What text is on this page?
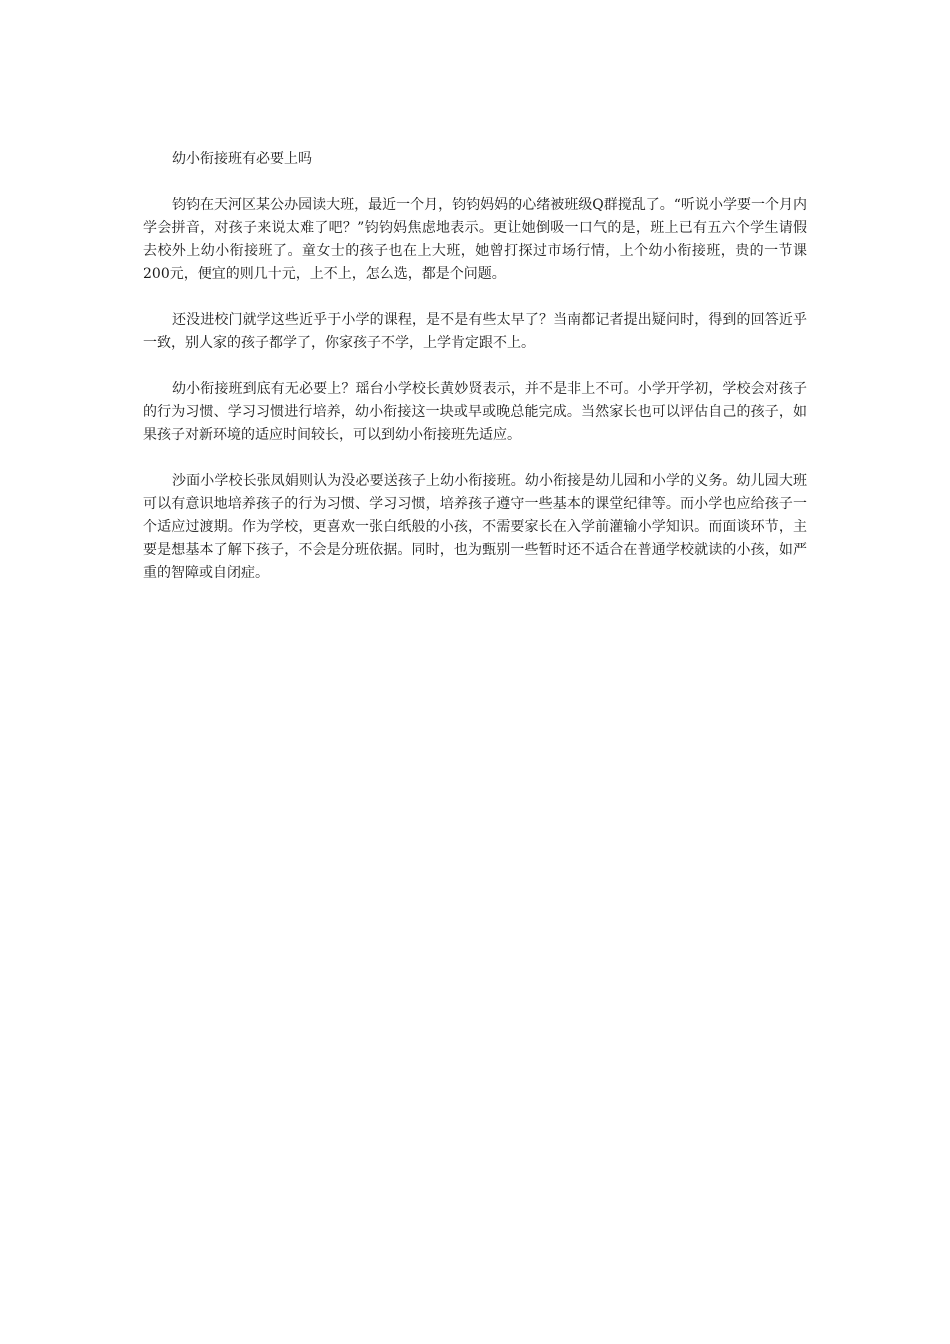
幼小衔接班有必要上吗

钧钧在天河区某公办园读大班，最近一个月，钧钧妈妈的心绪被班级Q群搅乱了。“听说小学要一个月内学会拼音，对孩子来说太难了吧？”钧钧妈焦虑地表示。更让她倒吸一口气的是，班上已有五六个学生请假去校外上幼小衔接班了。童女士的孩子也在上大班，她曾打探过市场行情，上个幼小衔接班，贵的一节课200元，便宜的则几十元，上不上，怎么选，都是个问题。

还没进校门就学这些近乎于小学的课程，是不是有些太早了？当南都记者提出疑问时，得到的回答近乎一致，别人家的孩子都学了，你家孩子不学，上学肯定跟不上。

幼小衔接班到底有无必要上？瑶台小学校长黄妙贤表示，并不是非上不可。小学开学初，学校会对孩子的行为习惯、学习习惯进行培养，幼小衔接这一块或早或晚总能完成。当然家长也可以评估自己的孩子，如果孩子对新环境的适应时间较长，可以到幼小衔接班先适应。

沙面小学校长张凤娟则认为没必要送孩子上幼小衔接班。幼小衔接是幼儿园和小学的义务。幼儿园大班可以有意识地培养孩子的行为习惯、学习习惯，培养孩子遵守一些基本的课堂纪律等。而小学也应给孩子一个适应过渡期。作为学校，更喜欢一张白纸般的小孩，不需要家长在入学前灌输小学知识。而面谈环节，主要是想基本了解下孩子，不会是分班依据。同时，也为甄别一些暂时还不适合在普通学校就读的小孩，如严重的智障或自闭症。
